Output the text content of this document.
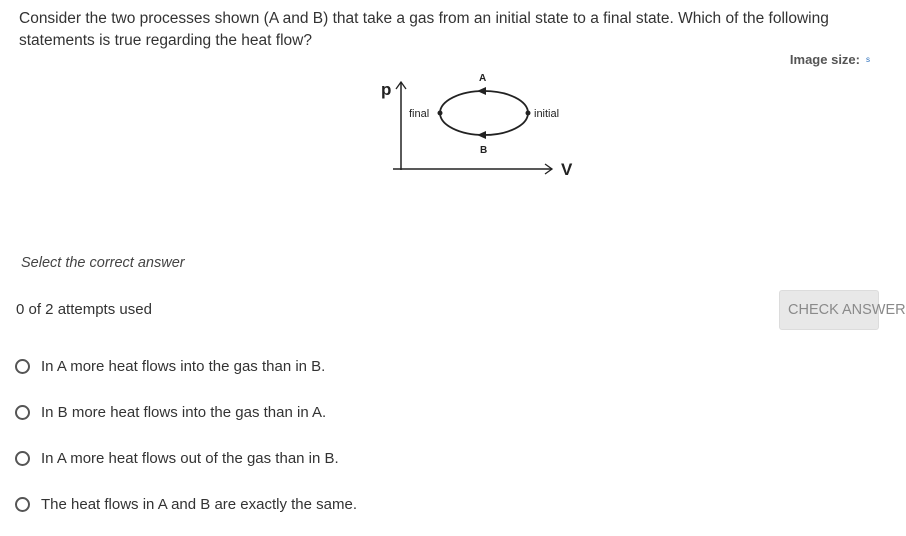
Consider the two processes shown (A and B) that take a gas from an initial state to a final state. Which of the following statements is true regarding the heat flow?

Image size: s
p
V
final	initial
A
B
Select the correct answer
0 of 2 attempts used	CHECK ANSWER
In A more heat flows into the gas than in B.
In B more heat flows into the gas than in A.
In A more heat flows out of the gas than in B.
The heat flows in A and B are exactly the same.
